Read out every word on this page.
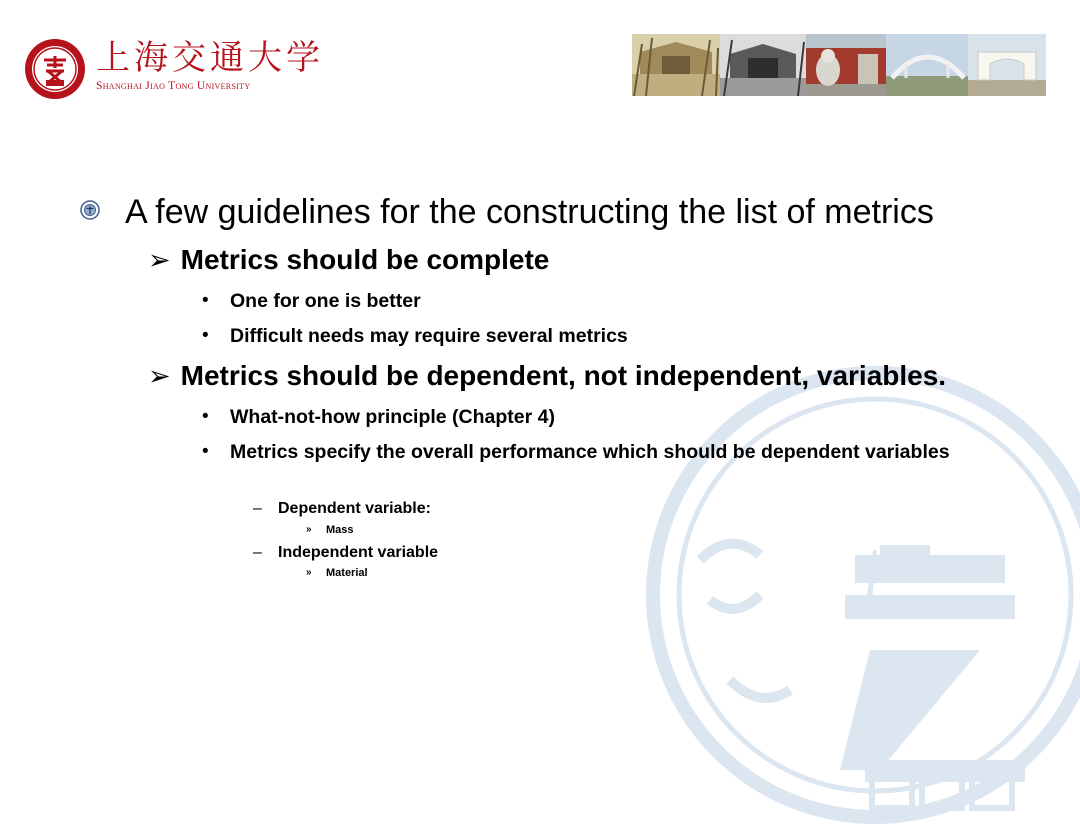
上海交通大学
Shanghai Jiao Tong University
A few guidelines for the constructing the list of metrics
➢ Metrics should be complete
•	One for one is better
•	Difficult needs may require several metrics
➢ Metrics should be dependent, not independent, variables.
•	What-not-how principle (Chapter 4)
•	Metrics specify the overall performance which should be dependent variables
–	Dependent variable:
»	Mass
–	Independent variable
»	Material
